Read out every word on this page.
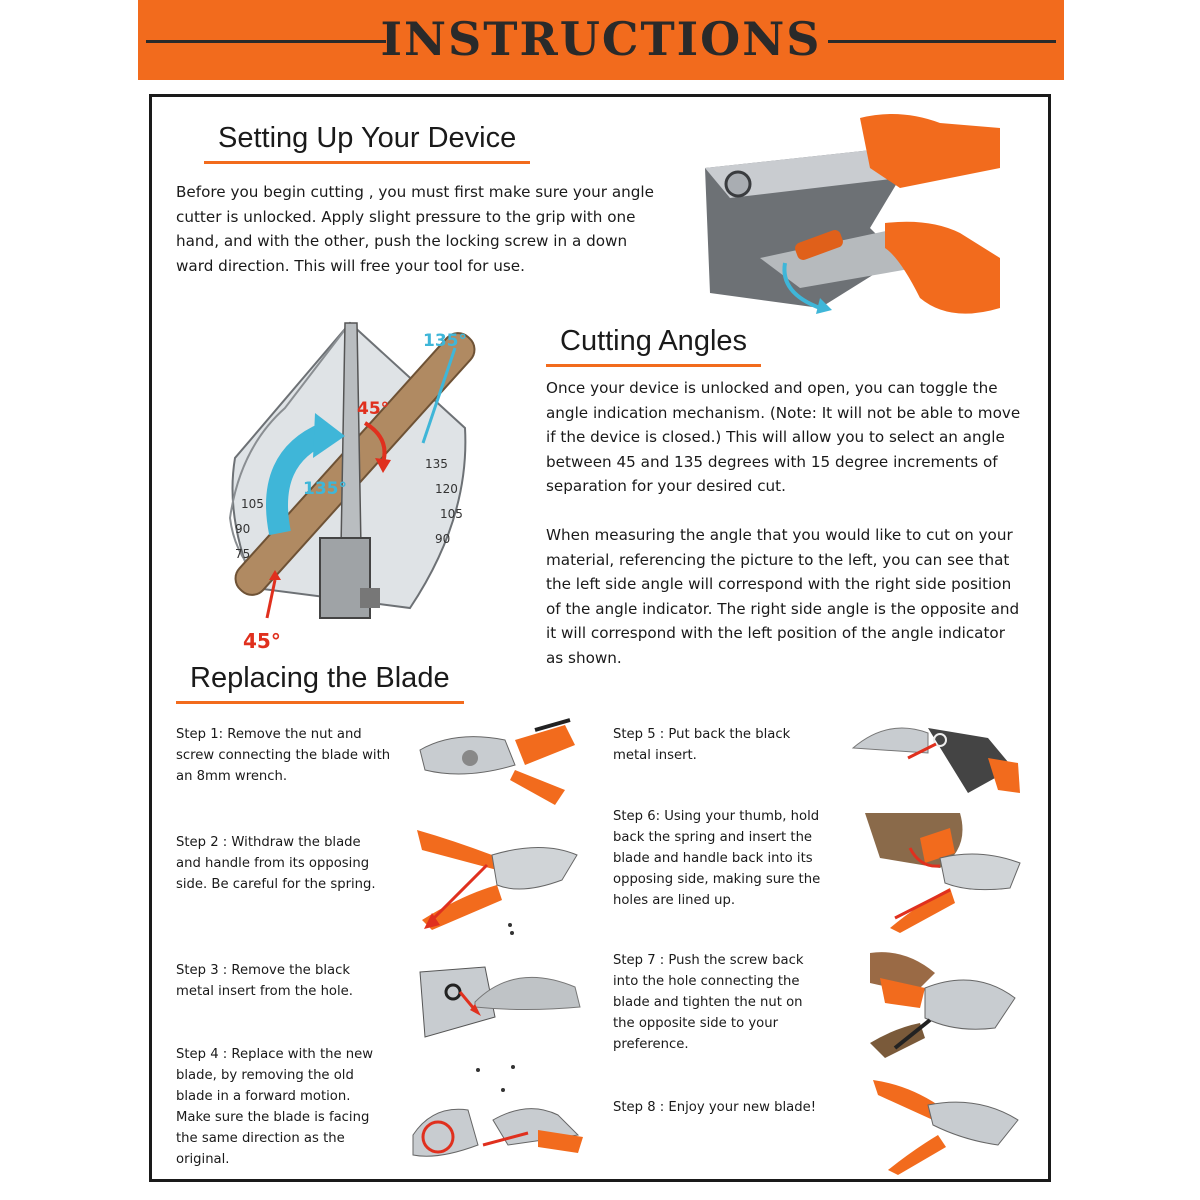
INSTRUCTIONS
Setting Up Your Device

Before you begin cutting , you must first make sure your angle cutter is unlocked. Apply slight pressure to the grip with one hand, and with the other, push the locking screw in a down ward direction. This will free your tool for use.

105
90
75
135
120
105
90
135°
45°
135°
45°
Cutting Angles

Once your device is unlocked and open, you can toggle the angle indication mechanism. (Note: It will not be able to move if the device is closed.) This will allow you to select an angle between 45 and 135 degrees with 15 degree increments of separation for your desired cut.

When measuring the angle that you would like to cut on your material, referencing the picture to the left, you can see that the left side angle will correspond with the right side position of the angle indicator. The right side angle is the opposite and it will correspond with the left position of the angle indicator as shown.

Replacing the Blade

Step 1: Remove the nut and screw connecting the blade with an 8mm wrench.

Step 2 : Withdraw the blade and handle from its opposing side. Be careful for the spring.

Step 3 : Remove the black metal insert from the hole.

Step 4 : Replace with the new blade, by removing the old blade in a forward motion. Make sure the blade is facing the same direction as the original.

Step 5 : Put back the black metal insert.

Step 6: Using your thumb, hold back the spring and insert the blade and handle back into its opposing side, making sure the holes are lined up.

Step 7 : Push the screw back into the hole connecting the blade and tighten the nut on the opposite side to your preference.

Step 8 : Enjoy your new blade!
